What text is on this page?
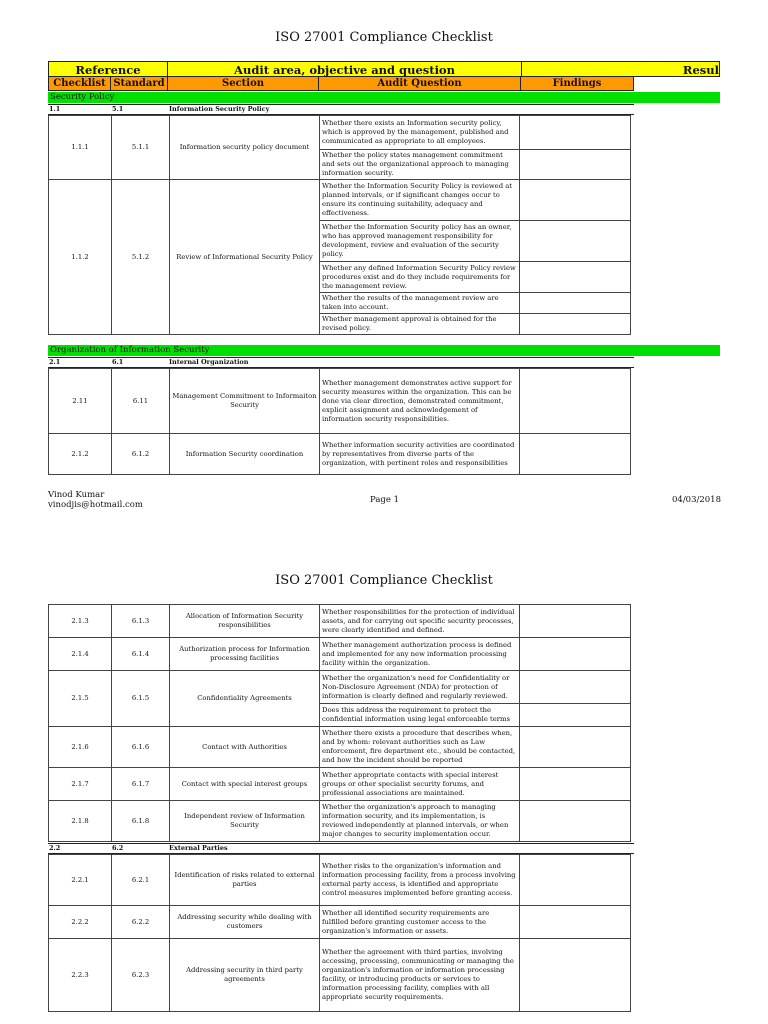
ISO 27001 Compliance Checklist
Reference	Audit area, objective and question	Resul
Checklist Standard	Section	Audit Question	Findings
Security Policy
1.1	5.1	Information Security Policy
1.1.1	5.1.1	Information security policy document	Whether there exists an Information security policy, which is approved by the management, published and communicated as appropriate to all employees.	
			Whether the policy states management commitment and sets out the organizational approach to managing information security.	
1.1.2	5.1.2	Review of Informational Security Policy	Whether the Information Security Policy is reviewed at planned intervals, or if significant changes occur to ensure its continuing suitability, adequacy and effectiveness.	
			Whether the Information Security policy has an owner, who has approved management responsibility for development, review and evaluation of the security policy.	
			Whether any defined Information Security Policy review procedures exist and do they include requirements for the management review.	
			Whether the results of the management review are taken into account.	
			Whether management approval is obtained for the revised policy.	
Organization of Information Security
2.1	6.1	Internal Organization
2.11	6.11	Management Commitment to Informaiton Security	Whether management demonstrates active support for security measures within the organization. This can be done via clear direction, demonstrated commitment, explicit assignment and acknowledgement of information security responsibilities.	
2.1.2	6.1.2	Information Security coordination	Whether information security activities are coordinated by representatives from diverse parts of the organization, with pertinent roles and responsibilities	
Vinod Kumar
vinodjis@hotmail.com	Page 1	04/03/2018
ISO 27001 Compliance Checklist
2.1.3	6.1.3	Allocation of Information Security responsibilities	Whether responsibilities for the protection of individual assets, and for carrying out specific security processes, were clearly identified and defined.	
2.1.4	6.1.4	Authorization process for Information processing facilities	Whether management authorization process is defined and implemented for any new information processing facility within the organization.	
2.1.5	6.1.5	Confidentiality Agreements	Whether the organization's need for Confidentiality or Non-Disclosure Agreement (NDA) for protection of information is clearly defined and regularly reviewed.	
			Does this address the requirement to protect the confidential information using legal enforceable terms	
2.1.6	6.1.6	Contact with Authorities	Whether there exists a procedure that describes when, and by whom: relevant authorities such as Law enforcement, fire department etc., should be contacted, and how the incident should be reported	
2.1.7	6.1.7	Contact with special interest groups	Whether appropriate contacts with special interest groups or other specialist security forums, and professional associations are maintained.	
2.1.8	6.1.8	Independent review of Information Security	Whether the organization's approach to managing information security, and its implementation, is reviewed independently at planned intervals, or when major changes to security implementation occur.	
2.2	6.2	External Parties
2.2.1	6.2.1	Identification of risks related to external parties	Whether risks to the organization's information and information processing facility, from a process involving external party access, is identified and appropriate control measures implemented before granting access.	
2.2.2	6.2.2	Addressing security while dealing with customers	Whether all identified security requirements are fulfilled before granting customer access to the organization's information or assets.	
2.2.3	6.2.3	Addressing security in third party agreements	Whether the agreement with third parties, involving accessing, processing, communicating or managing the organization's information or information processing facility, or introducing products or services to information processing facility, complies with all appropriate security requirements.	
